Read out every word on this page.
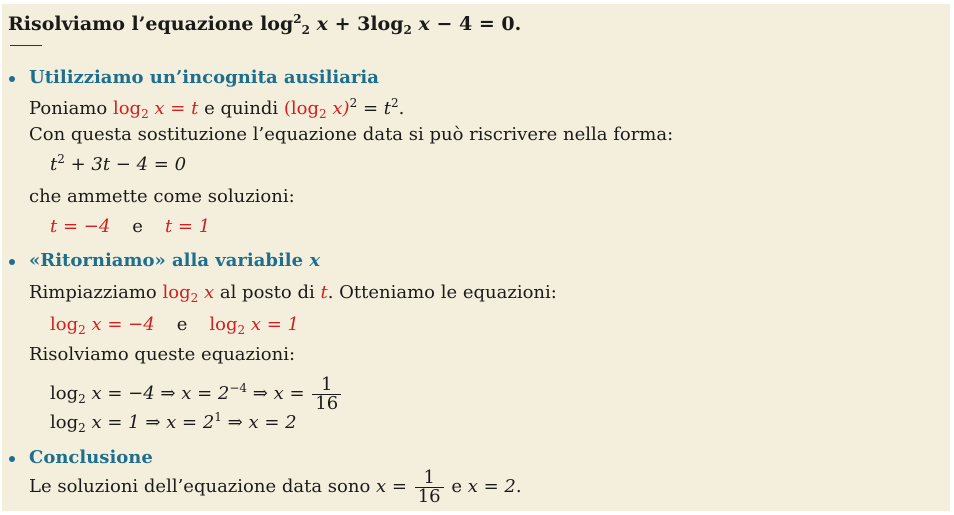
Risolviamo l’equazione $\log^2_2 x + 3\log_2$ x − 4 = 0.
Utilizziamo un’incognita ausiliaria
Poniamo $\log_2 x = t$ e quindi ($\log_2$ $x)^2 = t^2$.
Con questa sostituzione l’equazione data si può riscrivere nella forma:
$t^2 + 3t - 4 = 0$
che ammette come soluzioni:
t = −4 e t = 1
«Ritorniamo» alla variabile x
Rimpiazziamo $\log_2 x$ al posto di t. Otteniamo le equazioni:
$\log_2 x = -4$ e $\log_2 x = 1$
Risolviamo queste equazioni:
$\log_2 x = -4$ ⇒ $x = 2^{-4}$ ⇒ $x = \frac{1}{16}$
$\log_2 x = 1$ ⇒ $x = 2^1$ ⇒ x = 2
Conclusione
Le soluzioni dell’equazione data sono $x = \frac{1}{16}$ e x = 2.
